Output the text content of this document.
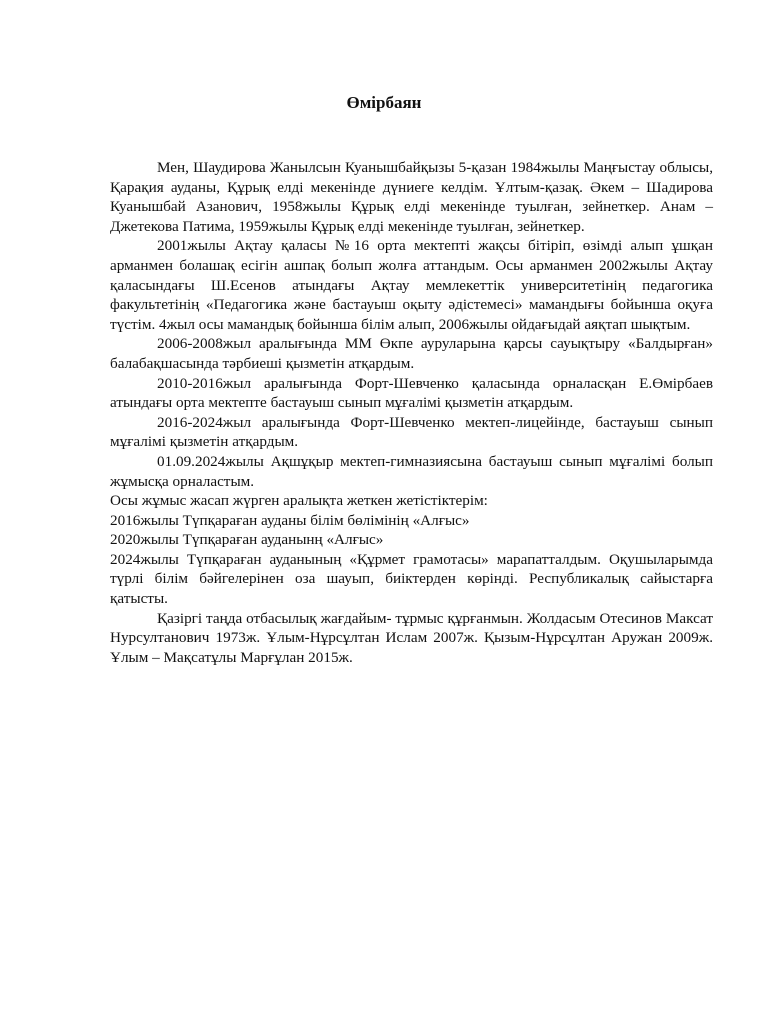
Өмірбаян

Мен, Шаудирова Жанылсын Куанышбайқызы 5-қазан 1984жылы Маңғыстау облысы, Қарақия ауданы, Құрық елді мекенінде дүниеге келдім. Ұлтым-қазақ. Әкем – Шадирова Куанышбай Азанович, 1958жылы Құрық елді мекенінде туылған, зейнеткер. Анам – Джетекова Патима, 1959жылы Құрық елді мекенінде туылған, зейнеткер.

2001жылы Ақтау қаласы №16 орта мектепті жақсы бітіріп, өзімді алып ұшқан арманмен болашақ есігін ашпақ болып жолға аттандым. Осы арманмен 2002жылы Ақтау қаласындағы Ш.Есенов атындағы Ақтау мемлекеттік университетінің педагогика факультетінің «Педагогика және бастауыш оқыту әдістемесі» мамандығы бойынша оқуға түстім. 4жыл осы мамандық бойынша білім алып, 2006жылы ойдағыдай аяқтап шықтым.

2006-2008жыл аралығында ММ Өкпе ауруларына қарсы сауықтыру «Балдырған» балабақшасында тәрбиеші қызметін атқардым.

2010-2016жыл аралығында Форт-Шевченко қаласында орналасқан Е.Өмірбаев атындағы орта мектепте бастауыш сынып мұғалімі қызметін атқардым.

2016-2024жыл аралығында Форт-Шевченко мектеп-лицейінде, бастауыш сынып мұғалімі қызметін атқардым.

01.09.2024жылы Ақшұқыр мектеп-гимназиясына бастауыш сынып мұғалімі болып жұмысқа орналастым.

Осы жұмыс жасап жүрген аралықта жеткен жетістіктерім:

2016жылы Түпқараған ауданы білім бөлімінің «Алғыс»

2020жылы Түпқараған ауданынң «Алғыс»

2024жылы Түпқараған ауданының «Құрмет грамотасы» марапатталдым. Оқушыларымда түрлі білім бәйгелерінен оза шауып, биіктерден көрінді. Республикалық сайыстарға қатысты.

Қазіргі таңда отбасылық жағдайым- тұрмыс құрғанмын. Жолдасым Отесинов Максат Нурсултанович 1973ж. Ұлым-Нұрсұлтан Ислам 2007ж. Қызым-Нұрсұлтан Аружан 2009ж. Ұлым – Мақсатұлы Марғұлан 2015ж.
